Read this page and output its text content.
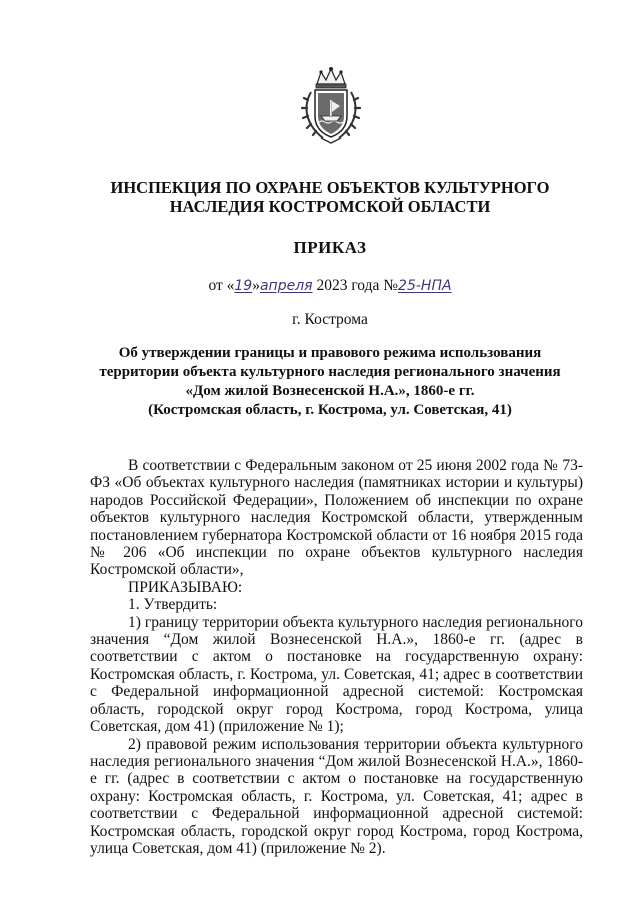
ИНСПЕКЦИЯ ПО ОХРАНЕ ОБЪЕКТОВ КУЛЬТУРНОГО
НАСЛЕДИЯ КОСТРОМСКОЙ ОБЛАСТИ
ПРИКАЗ
от «19»апреля 2023 года №25-НПА
г. Кострома
Об утверждении границы и правового режима использования
территории объекта культурного наследия регионального значения
«Дом жилой Вознесенской Н.А.», 1860-е гг.
(Костромская область, г. Кострома, ул. Советская, 41)

В соответствии с Федеральным законом от 25 июня 2002 года № 73-ФЗ «Об объектах культурного наследия (памятниках истории и культуры) народов Российской Федерации», Положением об инспекции по охране объектов культурного наследия Костромской области, утвержденным постановлением губернатора Костромской области от 16 ноября 2015 года № 206 «Об инспекции по охране объектов культурного наследия Костромской области»,

ПРИКАЗЫВАЮ:

1. Утвердить:

1) границу территории объекта культурного наследия регионального значения “Дом жилой Вознесенской Н.А.», 1860-е гг. (адрес в соответствии с актом о постановке на государственную охрану: Костромская область, г. Кострома, ул. Советская, 41; адрес в соответствии с Федеральной информационной адресной системой: Костромская область, городской округ город Кострома, город Кострома, улица Советская, дом 41) (приложение № 1);

2) правовой режим использования территории объекта культурного наследия регионального значения “Дом жилой Вознесенской Н.А.», 1860-е гг. (адрес в соответствии с актом о постановке на государственную охрану: Костромская область, г. Кострома, ул. Советская, 41; адрес в соответствии с Федеральной информационной адресной системой: Костромская область, городской округ город Кострома, город Кострома, улица Советская, дом 41) (приложение № 2).
